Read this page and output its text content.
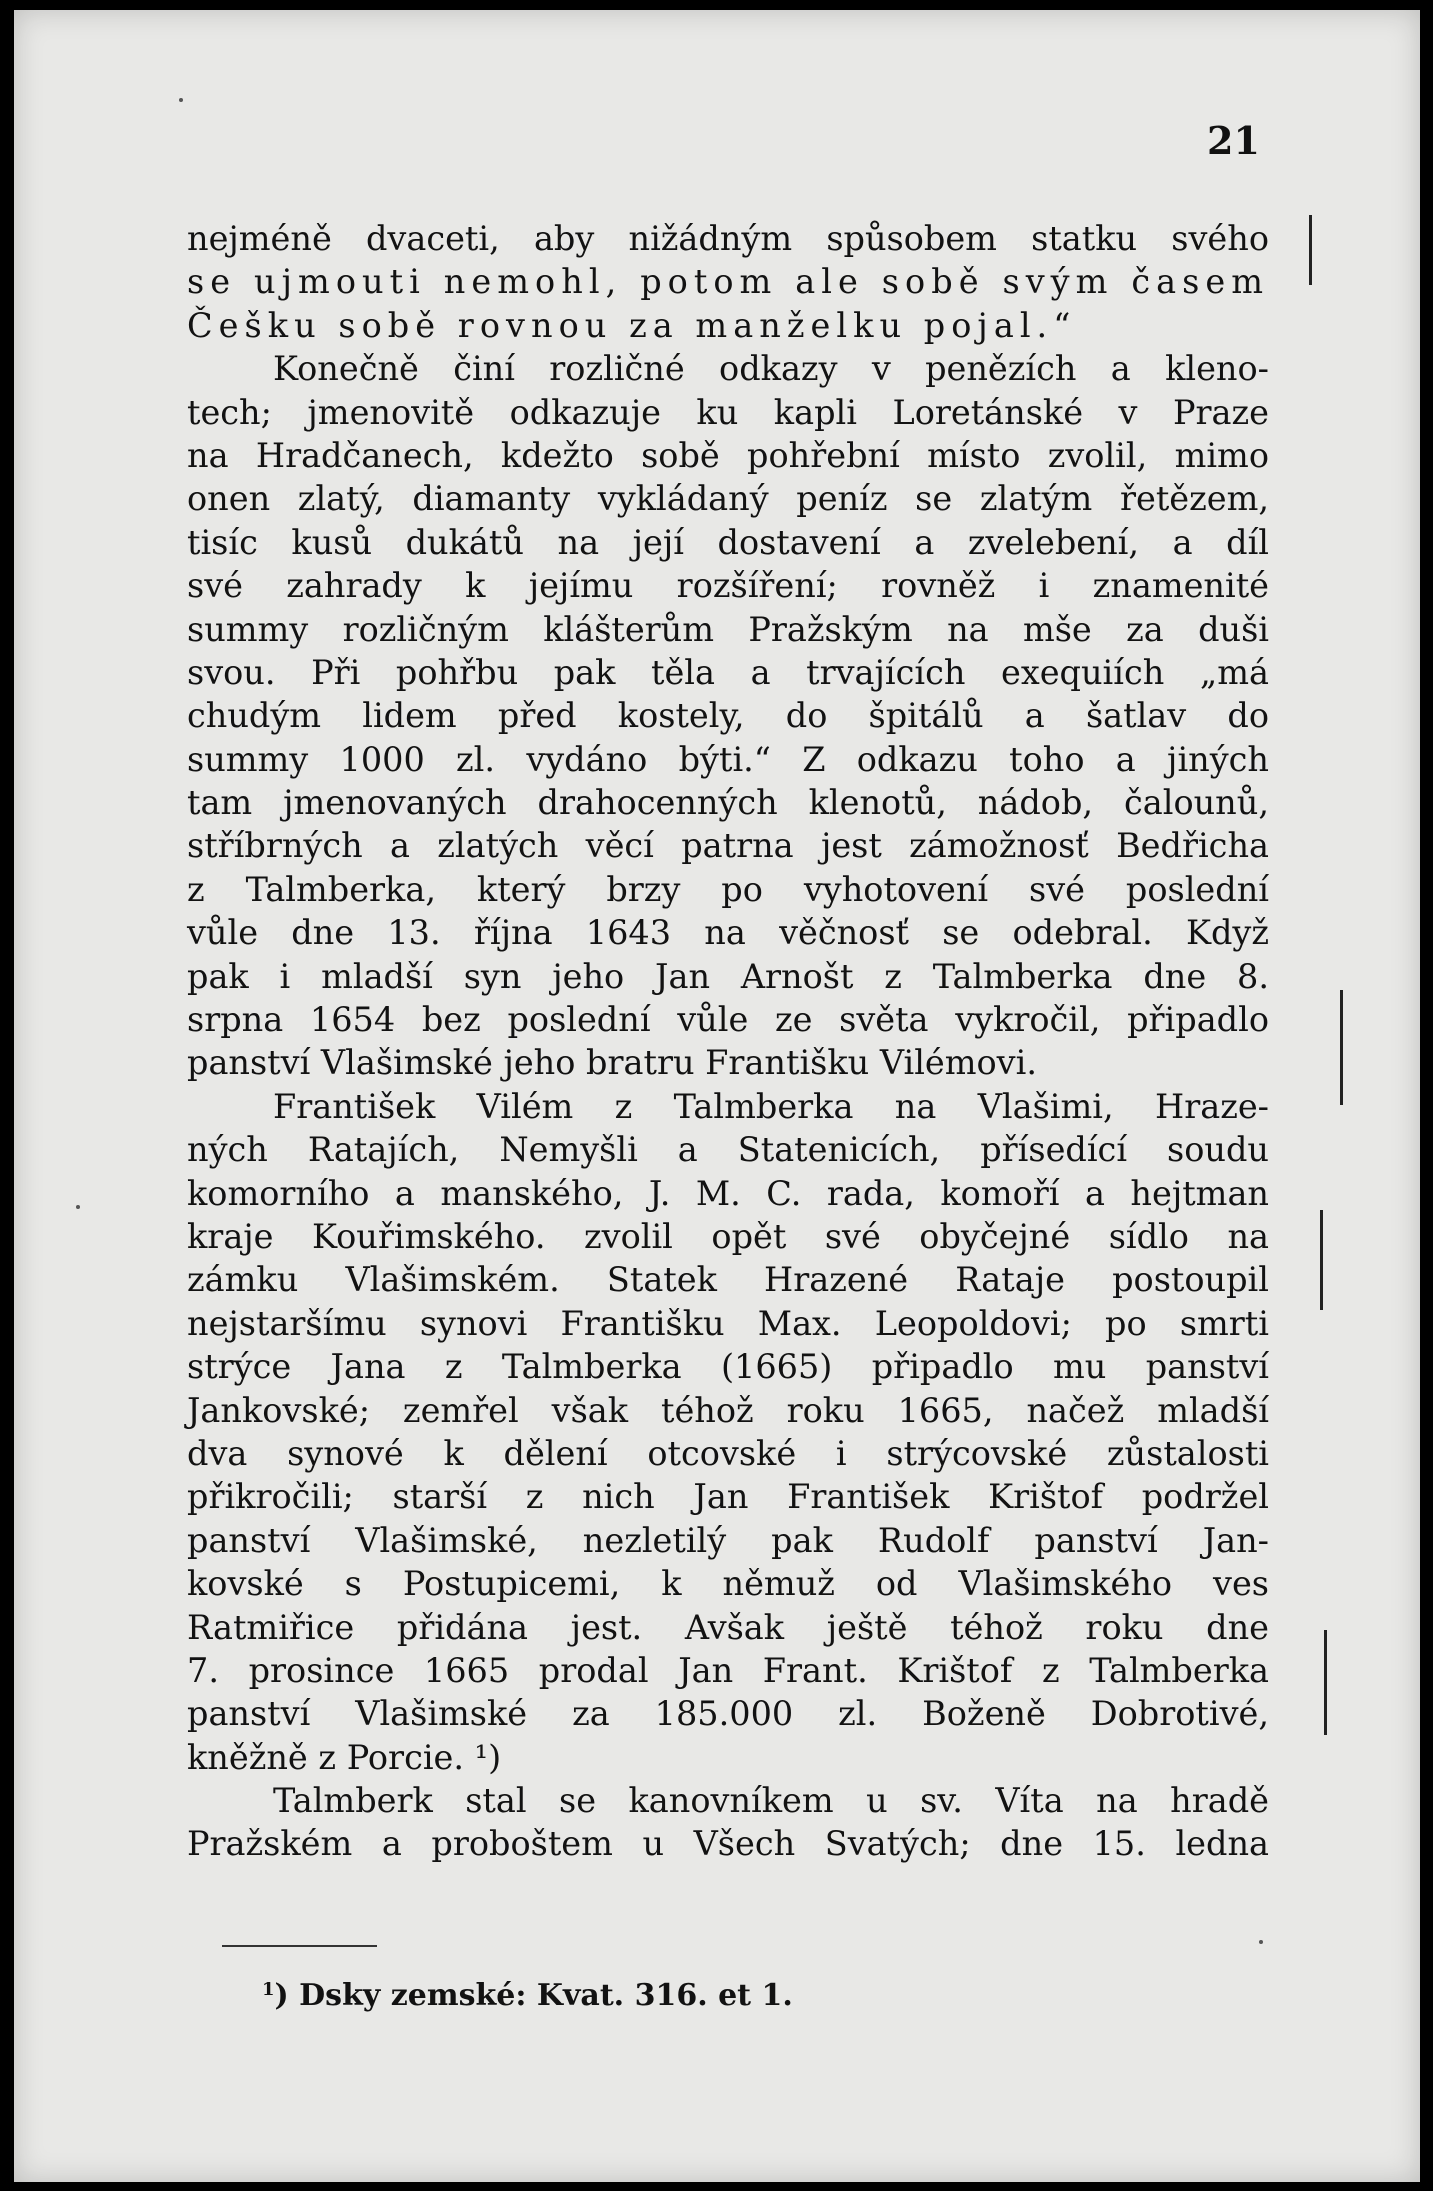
21
nejméně dvaceti, aby nižádným spůsobem statku svého
se ujmouti nemohl, potom ale sobě svým časem
Češku sobě rovnou za manželku pojal.“
Konečně činí rozličné odkazy v penězích a kleno-
tech; jmenovitě odkazuje ku kapli Loretánské v Praze
na Hradčanech, kdežto sobě pohřební místo zvolil, mimo
onen zlatý, diamanty vykládaný peníz se zlatým řetězem,
tisíc kusů dukátů na její dostavení a zvelebení, a díl
své zahrady k jejímu rozšíření; rovněž i znamenité
summy rozličným klášterům Pražským na mše za duši
svou. Při pohřbu pak těla a trvajících exequiích „má
chudým lidem před kostely, do špitálů a šatlav do
summy 1000 zl. vydáno býti.“ Z odkazu toho a jiných
tam jmenovaných drahocenných klenotů, nádob, čalounů,
stříbrných a zlatých věcí patrna jest zámožnosť Bedřicha
z Talmberka, který brzy po vyhotovení své poslední
vůle dne 13. října 1643 na věčnosť se odebral. Když
pak i mladší syn jeho Jan Arnošt z Talmberka dne 8.
srpna 1654 bez poslední vůle ze světa vykročil, připadlo
panství Vlašimské jeho bratru Františku Vilémovi.
František Vilém z Talmberka na Vlašimi, Hraze-
ných Ratajích, Nemyšli a Statenicích, přísedící soudu
komorního a manského, J. M. C. rada, komoří a hejtman
kraje Kouřimského. zvolil opět své obyčejné sídlo na
zámku Vlašimském. Statek Hrazené Rataje postoupil
nejstaršímu synovi Františku Max. Leopoldovi; po smrti
strýce Jana z Talmberka (1665) připadlo mu panství
Jankovské; zemřel však téhož roku 1665, načež mladší
dva synové k dělení otcovské i strýcovské zůstalosti
přikročili; starší z nich Jan František Krištof podržel
panství Vlašimské, nezletilý pak Rudolf panství Jan-
kovské s Postupicemi, k němuž od Vlašimského ves
Ratmiřice přidána jest. Avšak ještě téhož roku dne
7. prosince 1665 prodal Jan Frant. Krištof z Talmberka
panství Vlašimské za 185.000 zl. Boženě Dobrotivé,
kněžně z Porcie. ¹)
Talmberk stal se kanovníkem u sv. Víta na hradě
Pražském a proboštem u Všech Svatých; dne 15. ledna
$^1$) Dsky zemské: Kvat. 316. et 1.
